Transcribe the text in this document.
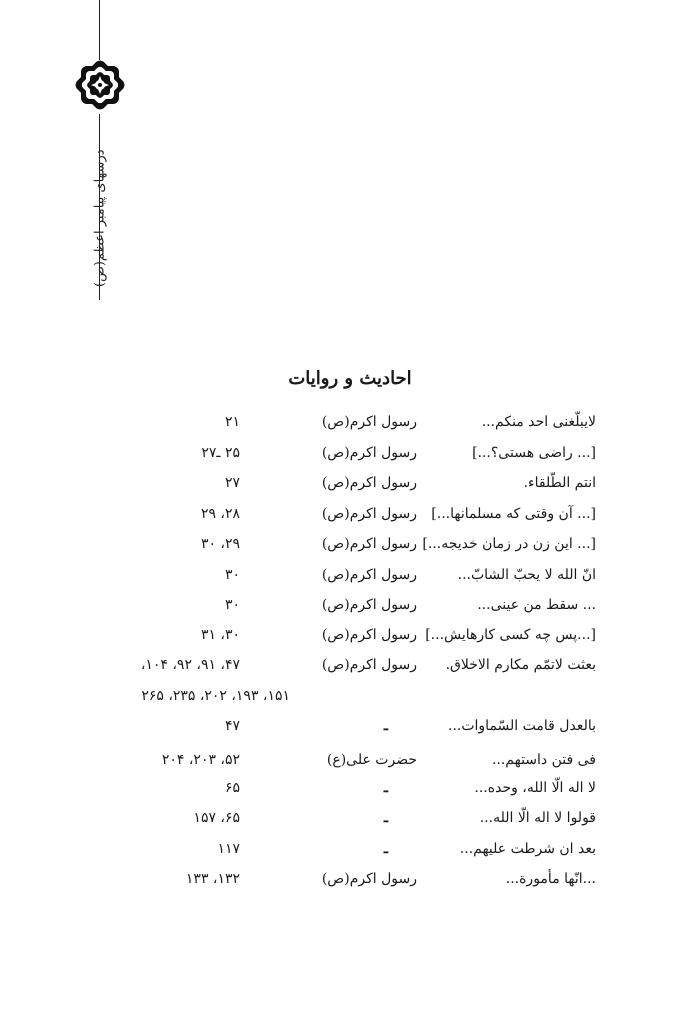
درسهای پیامبر اعظم(ص)
احادیث و روایات
لایبلّغنی احد منکم...
رسول اکرم(ص)
۲۱
[... راضی هستی؟...]
رسول اکرم(ص)
۲۵ ـ۲۷
انتم الطّلقاء.
رسول اکرم(ص)
۲۷
[... آن وقتی که مسلمانها...]
رسول اکرم(ص)
۲۸، ۲۹
[... این زن در زمان خدیجه...]
رسول اکرم(ص)
۲۹، ۳۰
انّ الله لا یحبّ الشابّ...
رسول اکرم(ص)
۳۰
... سقط من عینی...
رسول اکرم(ص)
۳۰
[...پس چه کسی کارهایش...]
رسول اکرم(ص)
۳۰، ۳۱
بعثت لاتمّم مکارم الاخلاق.
رسول اکرم(ص)
۴۷، ۹۱، ۹۲، ۱۰۴،
۱۵۱، ۱۹۳، ۲۰۲، ۲۳۵، ۲۶۵
بالعدل قامت السّماوات...
ـ
۴۷
فی فتن داستهم...
حضرت علی(ع)
۵۲، ۲۰۳، ۲۰۴
لا اله الّا الله، وحده...
ـ
۶۵
قولوا لا اله الّا الله...
ـ
۶۵، ۱۵۷
بعد ان شرطت علیهم...
ـ
۱۱۷
...انّها مأمورة...
رسول اکرم(ص)
۱۳۲، ۱۳۳
